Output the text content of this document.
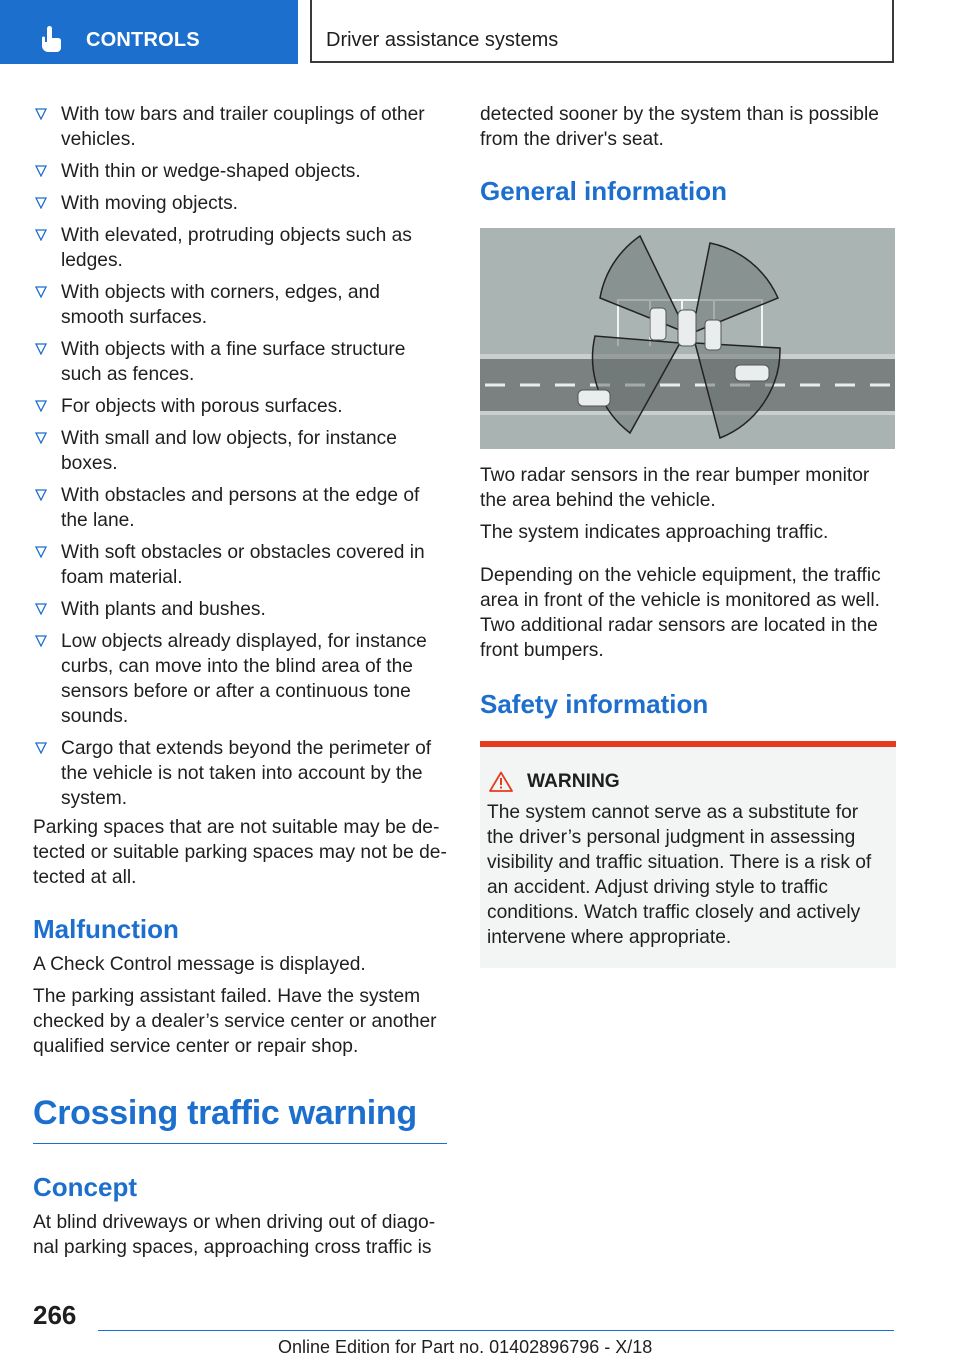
CONTROLS	Driver assistance systems
With tow bars and trailer couplings of other vehicles.
With thin or wedge-shaped objects.
With moving objects.
With elevated, protruding objects such as ledges.
With objects with corners, edges, and smooth surfaces.
With objects with a fine surface structure such as fences.
For objects with porous surfaces.
With small and low objects, for instance boxes.
With obstacles and persons at the edge of the lane.
With soft obstacles or obstacles covered in foam material.
With plants and bushes.
Low objects already displayed, for instance curbs, can move into the blind area of the sensors before or after a continuous tone sounds.
Cargo that extends beyond the perimeter of the vehicle is not taken into account by the system.

Parking spaces that are not suitable may be detected or suitable parking spaces may not be detected at all.

Malfunction

A Check Control message is displayed.

The parking assistant failed. Have the system checked by a dealer’s service center or another qualified service center or repair shop.

Crossing traffic warning
Concept

At blind driveways or when driving out of diagonal parking spaces, approaching cross traffic is

detected sooner by the system than is possible from the driver's seat.

General information

Two radar sensors in the rear bumper monitor the area behind the vehicle.

The system indicates approaching traffic.

Depending on the vehicle equipment, the traffic area in front of the vehicle is monitored as well. Two additional radar sensors are located in the front bumpers.

Safety information
WARNING

The system cannot serve as a substitute for the driver’s personal judgment in assessing visibility and traffic situation. There is a risk of an accident. Adjust driving style to traffic conditions. Watch traffic closely and actively intervene where appropriate.

266
Online Edition for Part no. 01402896796 - X/18
